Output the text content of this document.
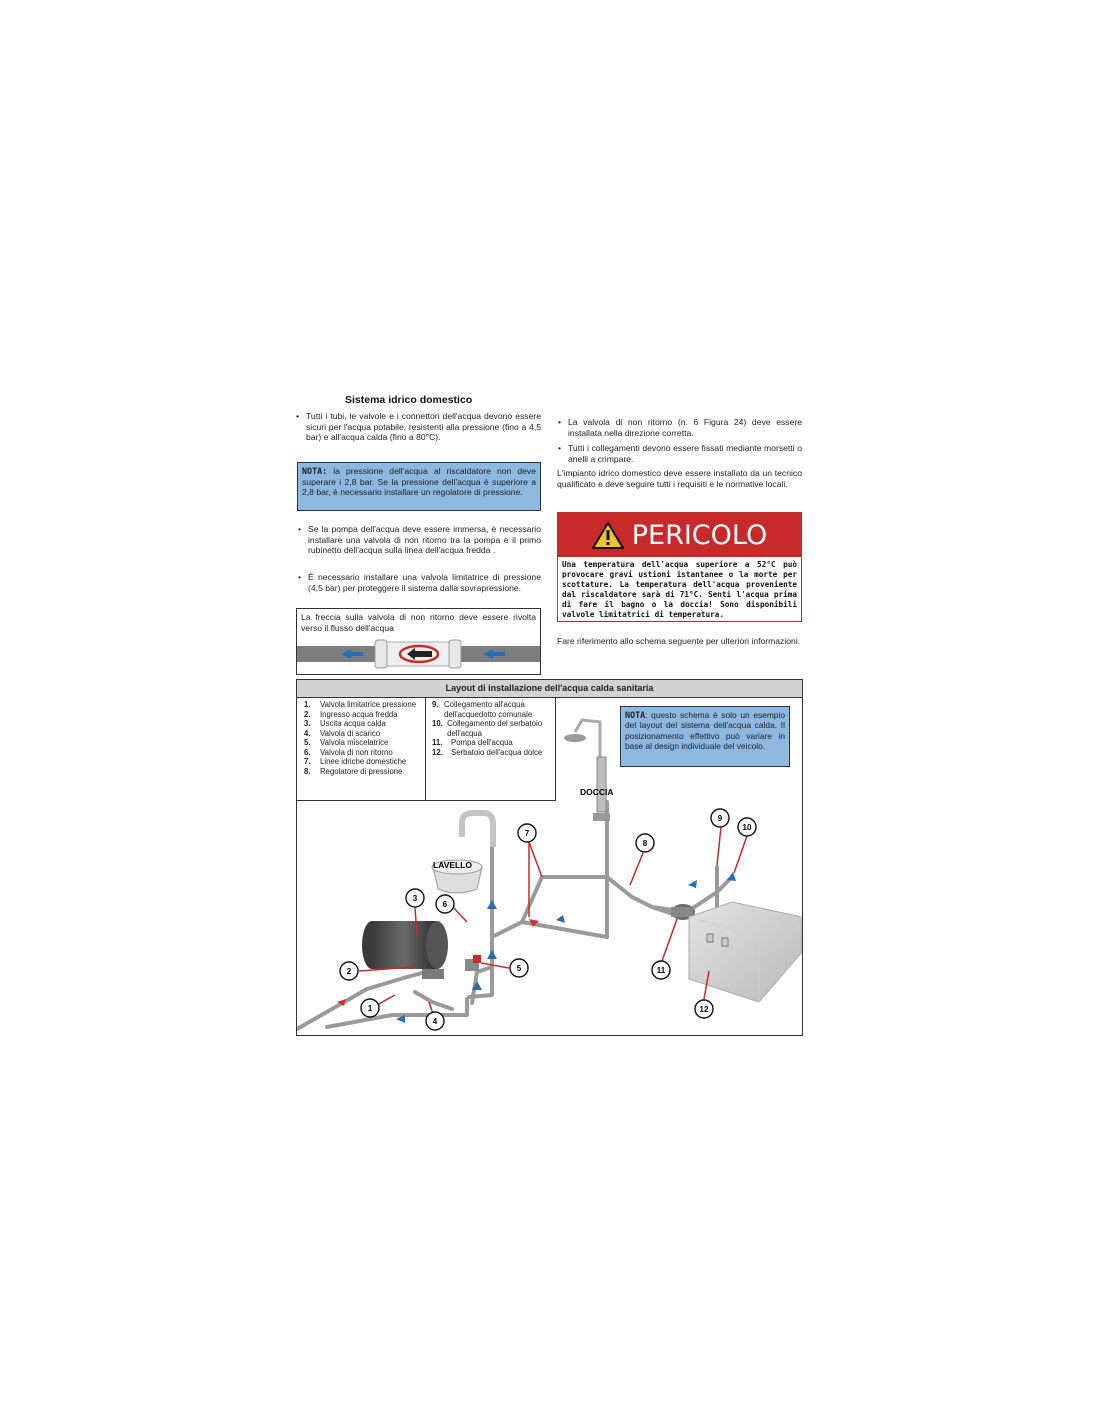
Sistema idrico domestico
• Tutti i tubi, le valvole e i connettori dell'acqua devono essere sicuri per l'acqua potabile, resistenti alla pressione (fino a 4,5 bar) e all'acqua calda (fino a 80°C).
NOTA: la pressione dell'acqua al riscaldatore non deve superare i 2,8 bar. Se la pressione dell'acqua è superiore a 2,8 bar, è necessario installare un regolatore di pressione.
• Se la pompa dell'acqua deve essere immersa, è necessario installare una valvola di non ritorno tra la pompa e il primo rubinetto dell'acqua sulla linea dell'acqua fredda .
• È necessario installare una valvola limitatrice di pressione (4,5 bar) per proteggere il sistema dalla sovrapressione.
La freccia sulla valvola di non ritorno deve essere rivolta verso il flusso dell'acqua
• La valvola di non ritorno (n. 6 Figura 24) deve essere installata nella direzione corretta.
• Tutti i collegamenti devono essere fissati mediante morsetti o anelli a crimpare.
L'impianto idrico domestico deve essere installato da un tecnico qualificato e deve seguire tutti i requisiti e le normative locali.
PERICOLO
Una temperatura dell'acqua superiore a 52°C può provocare gravi ustioni istantanee o la morte per scottature. La temperatura dell'acqua proveniente dal riscaldatore sarà di 71°C. Senti l'acqua prima di fare il bagno o la doccia! Sono disponibili valvole limitatrici di temperatura.
Fare riferimento allo schema seguente per ulteriori informazioni.
Layout di installazione dell'acqua calda sanitaria
1.	Valvola limitatrice pressione
2.	Ingresso acqua fredda
3.	Uscita acqua calda
4.	Valvola di scarico
5.	Valvola miscelatrice
6.	Valvola di non ritorno
7.	Linee idriche domestiche
8.	Regolatore di pressione
9. Collegamento all'acqua dell'acquedotto comunale
10. Collegamento del serbatoio dell'acqua
11.	Pompa dell'acqua
12.	Serbatoio dell'acqua dolce
NOTA: questo schema è solo un esempio del layout del sistema dell'acqua calda. Il posizionamento effettivo può variare in base al design individuale del veicolo.
DOCCIA
LAVELLO
1
2
3
4
5
6
7
8
9
10
11
12
